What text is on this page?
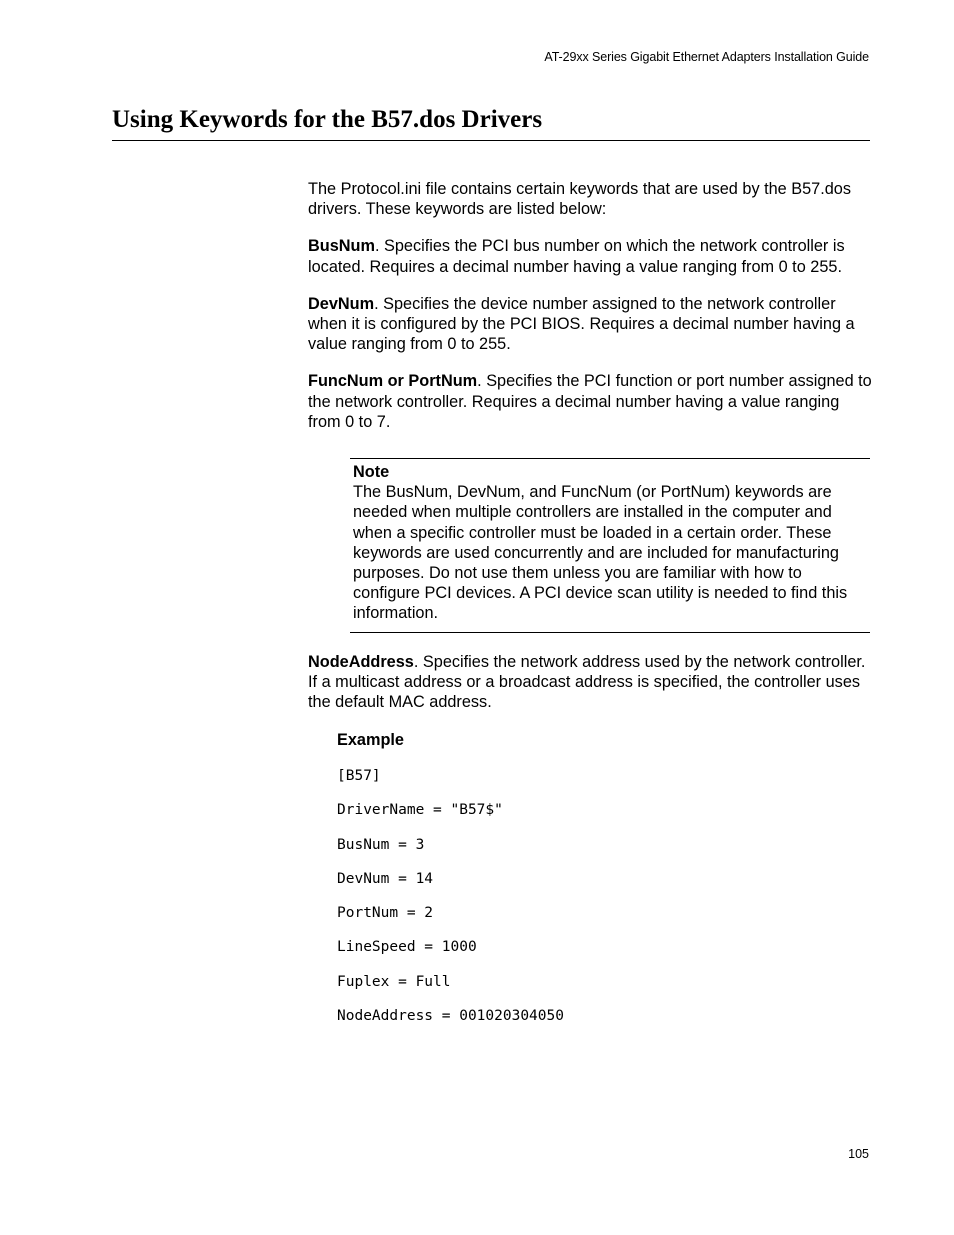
AT-29xx Series Gigabit Ethernet Adapters Installation Guide
Using Keywords for the B57.dos Drivers

The Protocol.ini file contains certain keywords that are used by the B57.dos drivers. These keywords are listed below:

BusNum. Specifies the PCI bus number on which the network controller is located. Requires a decimal number having a value ranging from 0 to 255.

DevNum. Specifies the device number assigned to the network controller when it is configured by the PCI BIOS. Requires a decimal number having a value ranging from 0 to 255.

FuncNum or PortNum. Specifies the PCI function or port number assigned to the network controller. Requires a decimal number having a value ranging from 0 to 7.

Note
The BusNum, DevNum, and FuncNum (or PortNum) keywords are needed when multiple controllers are installed in the computer and when a specific controller must be loaded in a certain order. These keywords are used concurrently and are included for manufacturing purposes. Do not use them unless you are familiar with how to configure PCI devices. A PCI device scan utility is needed to find this information.

NodeAddress. Specifies the network address used by the network controller. If a multicast address or a broadcast address is specified, the controller uses the default MAC address.

Example
[B57]
DriverName = "B57$"
BusNum = 3
DevNum = 14
PortNum = 2
LineSpeed = 1000
Fuplex = Full
NodeAddress = 001020304050
105
